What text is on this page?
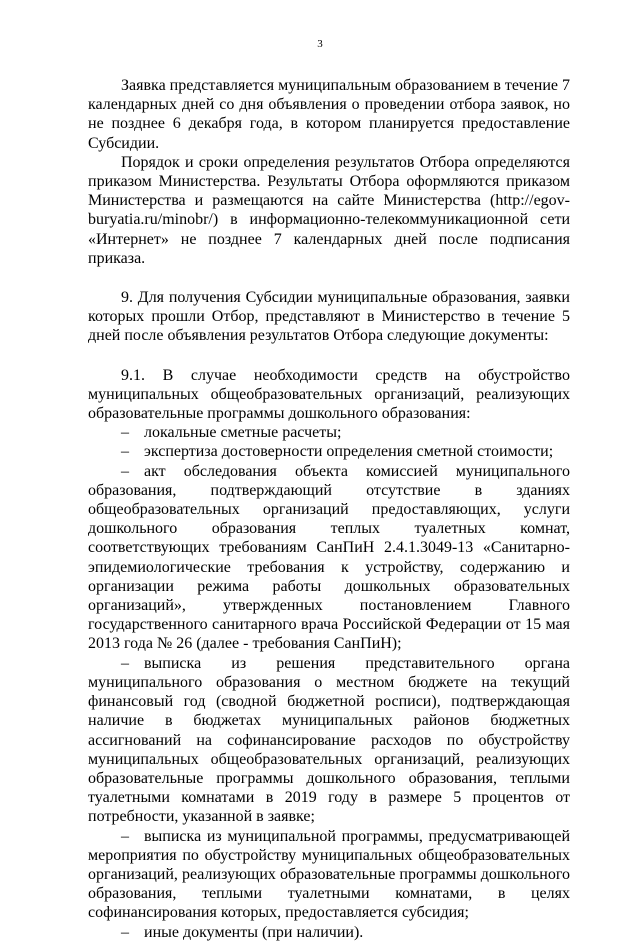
3

Заявка представляется муниципальным образованием в течение 7 календарных дней со дня объявления о проведении отбора заявок, но не позднее 6 декабря года, в котором планируется предоставление Субсидии.

Порядок и сроки определения результатов Отбора определяются приказом Министерства. Результаты Отбора оформляются приказом Министерства и размещаются на сайте Министерства (http://egov-buryatia.ru/minobr/) в информационно-телекоммуникационной сети «Интернет» не позднее 7 календарных дней после подписания приказа.

9. Для получения Субсидии муниципальные образования, заявки которых прошли Отбор, представляют в Министерство в течение 5 дней после объявления результатов Отбора следующие документы:

9.1. В случае необходимости средств на обустройство муниципальных общеобразовательных организаций, реализующих образовательные программы дошкольного образования:

– локальные сметные расчеты;

– экспертиза достоверности определения сметной стоимости;

– акт обследования объекта комиссией муниципального образования, подтверждающий отсутствие в зданиях общеобразовательных организаций предоставляющих, услуги дошкольного образования теплых туалетных комнат, соответствующих требованиям СанПиН 2.4.1.3049-13 «Санитарно-эпидемиологические требования к устройству, содержанию и организации режима работы дошкольных образовательных организаций», утвержденных постановлением Главного государственного санитарного врача Российской Федерации от 15 мая 2013 года № 26 (далее - требования СанПиН);

– выписка из решения представительного органа муниципального образования о местном бюджете на текущий финансовый год (сводной бюджетной росписи), подтверждающая наличие в бюджетах муниципальных районов бюджетных ассигнований на софинансирование расходов по обустройству муниципальных общеобразовательных организаций, реализующих образовательные программы дошкольного образования, теплыми туалетными комнатами в 2019 году в размере 5 процентов от потребности, указанной в заявке;

– выписка из муниципальной программы, предусматривающей мероприятия по обустройству муниципальных общеобразовательных организаций, реализующих образовательные программы дошкольного образования, теплыми туалетными комнатами, в целях софинансирования которых, предоставляется субсидия;

– иные документы (при наличии).
